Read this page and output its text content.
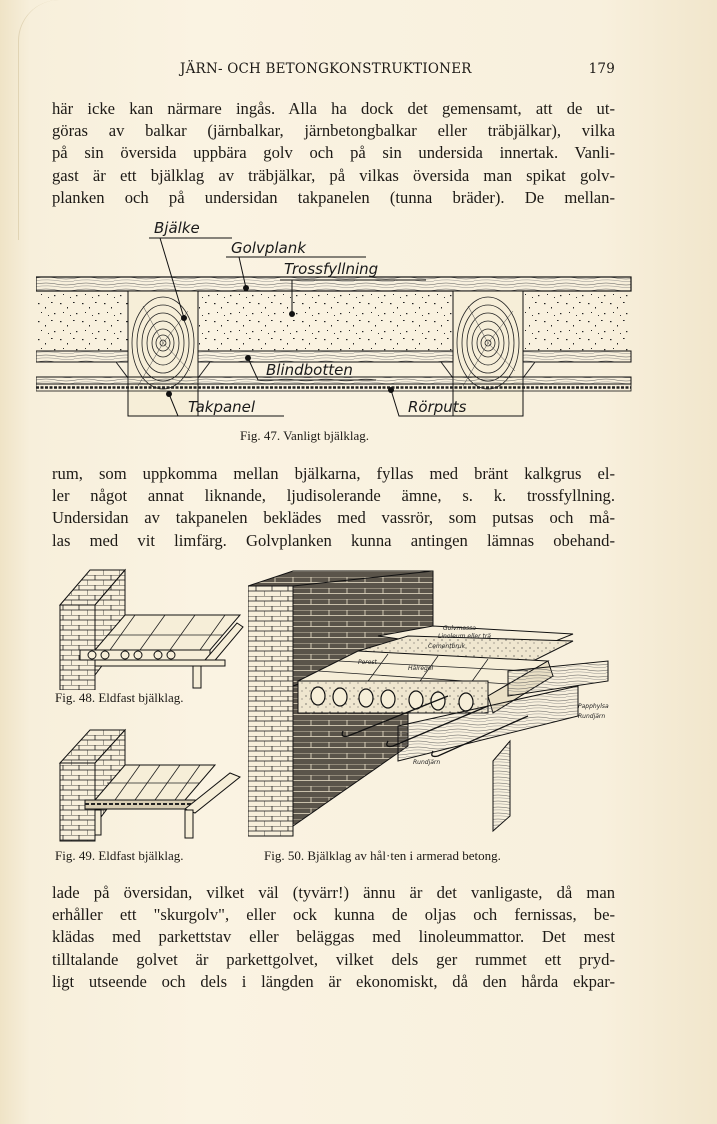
JÄRN- OCH BETONGKONSTRUKTIONER	179
här icke kan närmare ingås. Alla ha dock det gemensamt, att de ut-
göras av balkar (järnbalkar, järnbetongbalkar eller träbjälkar), vilka
på sin översida uppbära golv och på sin undersida innertak. Vanli-
gast är ett bjälklag av träbjälkar, på vilkas översida man spikat golv-
planken och på undersidan takpanelen (tunna bräder). De mellan-
Bjälke
Golvplank
Trossfyllning
Blindbotten
Takpanel	Rörputs
Fig. 47. Vanligt bjälklag.
rum, som uppkomma mellan bjälkarna, fyllas med bränt kalkgrus el-
ler något annat liknande, ljudisolerande ämne, s. k. trossfyllning.
Undersidan av takpanelen beklädes med vassrör, som putsas och må-
las med vit limfärg. Golvplanken kunna antingen lämnas obehand-
Fig. 48. Eldfast bjälklag.
Fig. 49. Eldfast bjälklag.
Golvmassa
Linoleum eller trä
Cementbruk
Porost
Hålregel
Papphylsa
Rundjärn
Rundjärn
Fig. 50. Bjälklag av hål·ten i armerad betong.
lade på översidan, vilket väl (tyvärr!) ännu är det vanligaste, då man
erhåller ett "skurgolv", eller ock kunna de oljas och fernissas, be-
klädas med parkettstav eller beläggas med linoleummattor. Det mest
tilltalande golvet är parkettgolvet, vilket dels ger rummet ett pryd-
ligt utseende och dels i längden är ekonomiskt, då den hårda ekpar-
